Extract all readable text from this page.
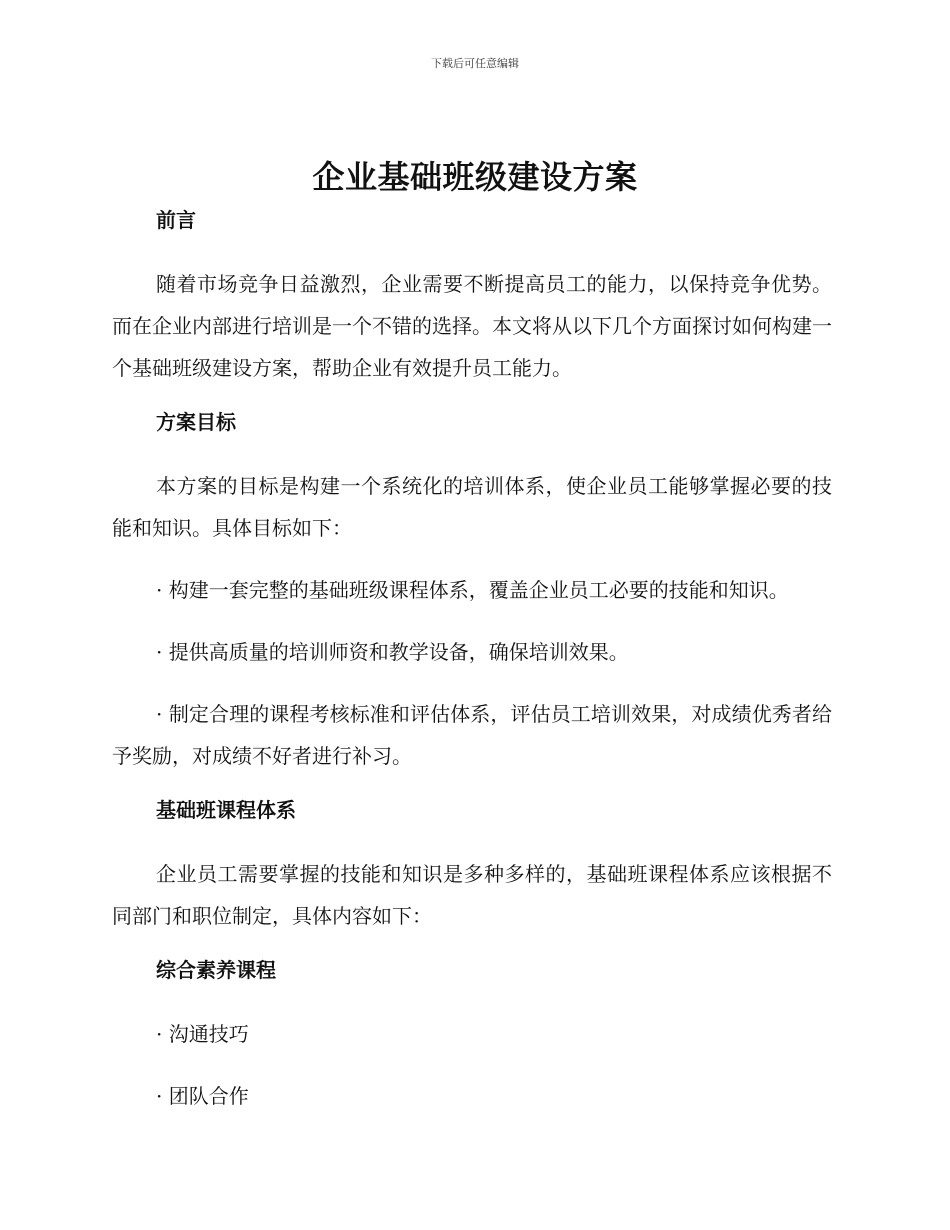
下载后可任意编辑
企业基础班级建设方案

前言

随着市场竞争日益激烈，企业需要不断提高员工的能力，以保持竞争优势。而在企业内部进行培训是一个不错的选择。本文将从以下几个方面探讨如何构建一个基础班级建设方案，帮助企业有效提升员工能力。

方案目标

本方案的目标是构建一个系统化的培训体系，使企业员工能够掌握必要的技能和知识。具体目标如下：

· 构建一套完整的基础班级课程体系，覆盖企业员工必要的技能和知识。

· 提供高质量的培训师资和教学设备，确保培训效果。

· 制定合理的课程考核标准和评估体系，评估员工培训效果，对成绩优秀者给予奖励，对成绩不好者进行补习。

基础班课程体系

企业员工需要掌握的技能和知识是多种多样的，基础班课程体系应该根据不同部门和职位制定，具体内容如下：

综合素养课程

· 沟通技巧

· 团队合作
